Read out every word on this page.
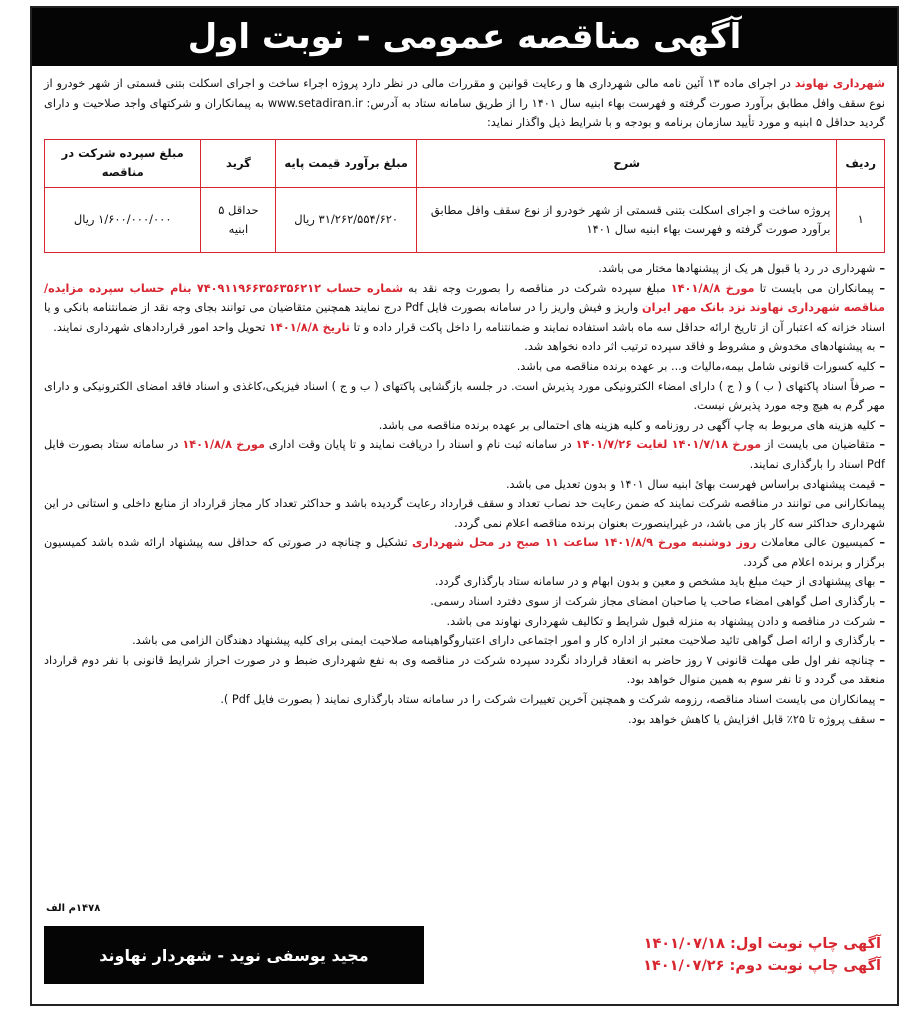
آگهی مناقصه عمومی - نوبت اول

شهرداری نهاوند در اجرای ماده ۱۳ آئین نامه مالی شهرداری ها و رعایت قوانین و مقررات مالی در نظر دارد پروژه اجراء ساخت و اجرای اسکلت بتنی قسمتی از شهر خودرو از نوع سقف وافل مطابق برآورد صورت گرفته و فهرست بهاء ابنیه سال ۱۴۰۱ را از طریق سامانه ستاد به آدرس: www.setadiran.ir به پیمانکاران و شرکتهای واجد صلاحیت و دارای گردید حداقل ۵ ابنیه و مورد تأیید سازمان برنامه و بودجه و با شرایط ذیل واگذار نماید:

ردیف	شرح	مبلغ برآورد قیمت پایه	گرید	مبلغ سپرده شرکت در مناقصه
۱	پروژه ساخت و اجرای اسکلت بتنی قسمتی از شهر خودرو از نوع سقف وافل مطابق برآورد صورت گرفته و فهرست بهاء ابنیه سال ۱۴۰۱	۳۱/۲۶۲/۵۵۴/۶۲۰ ریال	حداقل ۵ ابنیه	۱/۶۰۰/۰۰۰/۰۰۰ ریال
– شهرداری در رد یا قبول هر یک از پیشنهادها مختار می باشد.
– پیمانکاران می بایست تا مورخ ۱۴۰۱/۸/۸ مبلغ سپرده شرکت در مناقصه را بصورت وجه نقد به شماره حساب ۷۴۰۹۱۱۹۶۶۳۵۶۳۵۶۲۱۲ بنام حساب سپرده مزایده/مناقصه شهرداری نهاوند نزد بانک مهر ایران واریز و فیش واریز را در سامانه بصورت فایل Pdf درج نمایند همچنین متقاضیان می توانند بجای وجه نقد از ضمانتنامه بانکی و یا اسناد خزانه که اعتبار آن از تاریخ ارائه حداقل سه ماه باشد استفاده نمایند و ضمانتنامه را داخل پاکت قرار داده و تا تاریخ ۱۴۰۱/۸/۸ تحویل واحد امور قراردادهای شهرداری نمایند.
– به پیشنهادهای مخدوش و مشروط و فاقد سپرده ترتیب اثر داده نخواهد شد.
– کلیه کسورات قانونی شامل بیمه،مالیات و... بر عهده برنده مناقصه می باشد.
– صرفاً اسناد پاکتهای ( ب ) و ( ج ) دارای امضاء الکترونیکی مورد پذیرش است. در جلسه بازگشایی پاکتهای ( ب و ج ) اسناد فیزیکی،کاغذی و اسناد فاقد امضای الکترونیکی و دارای مهر گرم به هیچ وجه مورد پذیرش نیست.
– کلیه هزینه های مربوط به چاپ آگهی در روزنامه و کلیه هزینه های احتمالی بر عهده برنده مناقصه می باشد.
– متقاضیان می بایست از مورخ ۱۴۰۱/۷/۱۸ لغایت ۱۴۰۱/۷/۲۶ در سامانه ثبت نام و اسناد را دریافت نمایند و تا پایان وقت اداری مورخ ۱۴۰۱/۸/۸ در سامانه ستاد بصورت فایل Pdf اسناد را بارگذاری نمایند.
– قیمت پیشنهادی براساس فهرست بهائ ابنیه سال ۱۴۰۱ و بدون تعدیل می باشد.
پیمانکارانی می توانند در مناقصه شرکت نمایند که ضمن رعایت حد نصاب تعداد و سقف قرارداد رعایت گردیده باشد و حداکثر تعداد کار مجاز قرارداد از منابع داخلی و استانی در این شهرداری حداکثر سه کار باز می باشد، در غیراینصورت بعنوان برنده مناقصه اعلام نمی گردد.
– کمیسیون عالی معاملات روز دوشنبه مورخ ۱۴۰۱/۸/۹ ساعت ۱۱ صبح در محل شهرداری تشکیل و چنانچه در صورتی که حداقل سه پیشنهاد ارائه شده باشد کمیسیون برگزار و برنده اعلام می گردد.
– بهای پیشنهادی از حیث مبلغ باید مشخص و معین و بدون ابهام و در سامانه ستاد بارگذاری گردد.
– بارگذاری اصل گواهی امضاء صاحب یا صاحبان امضای مجاز شرکت از سوی دفترد اسناد رسمی.
– شرکت در مناقصه و دادن پیشنهاد به منزله قبول شرایط و تکالیف شهرداری نهاوند می باشد.
– بارگذاری و ارائه اصل گواهی تائید صلاحیت معتبر از اداره کار و امور اجتماعی دارای اعتباروگواهینامه صلاحیت ایمنی برای کلیه پیشنهاد دهندگان الزامی می باشد.
– چنانچه نفر اول طی مهلت قانونی ۷ روز حاضر به انعقاد قرارداد نگردد سپرده شرکت در مناقصه وی به نفع شهرداری ضبط و در صورت احراز شرایط قانونی با نفر دوم قرارداد منعقد می گردد و تا نفر سوم به همین منوال خواهد بود.
– پیمانکاران می بایست اسناد مناقصه، رزومه شرکت و همچنین آخرین تغییرات شرکت را در سامانه ستاد بارگذاری نمایند ( بصورت فایل Pdf ).
– سقف پروژه تا ۲۵٪ قابل افزایش یا کاهش خواهد بود.
۱۴۷۸م الف
آگهی چاپ نوبت اول: ۱۴۰۱/۰۷/۱۸
آگهی چاپ نوبت دوم: ۱۴۰۱/۰۷/۲۶
مجید یوسفی نوید - شهردار نهاوند
